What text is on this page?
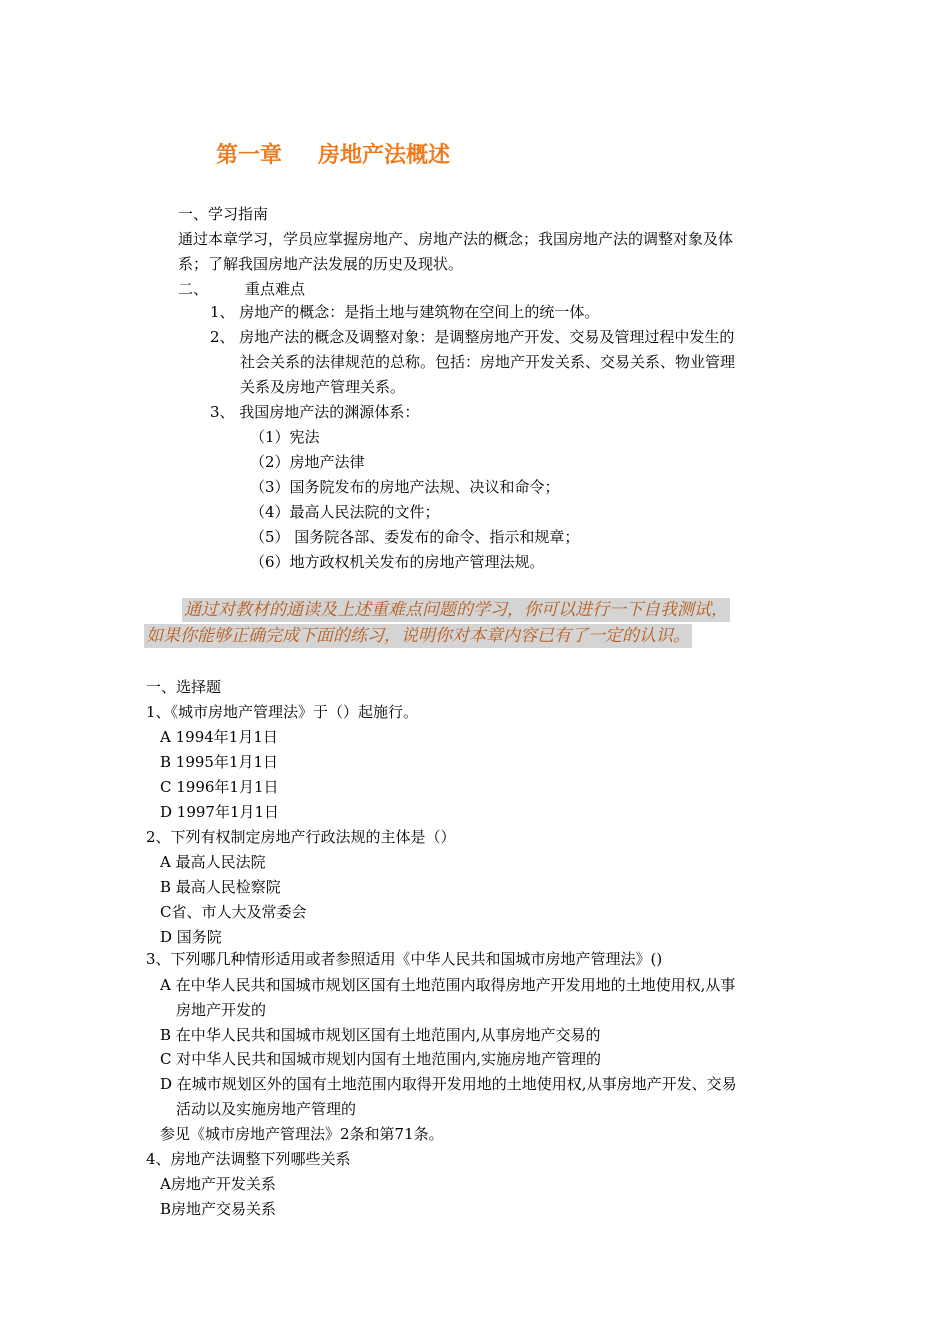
第一章 房地产法概述
一、学习指南
通过本章学习，学员应掌握房地产、房地产法的概念；我国房地产法的调整对象及体
系；了解我国房地产法发展的历史及现状。
二、 重点难点
1、 房地产的概念：是指土地与建筑物在空间上的统一体。
2、 房地产法的概念及调整对象：是调整房地产开发、交易及管理过程中发生的
社会关系的法律规范的总称。包括：房地产开发关系、交易关系、物业管理
关系及房地产管理关系。
3、 我国房地产法的渊源体系：
（1）宪法
（2）房地产法律
（3）国务院发布的房地产法规、决议和命令；
（4）最高人民法院的文件；
（5） 国务院各部、委发布的命令、指示和规章；
（6）地方政权机关发布的房地产管理法规。
通过对教材的通读及上述重难点问题的学习，你可以进行一下自我测试，
如果你能够正确完成下面的练习，说明你对本章内容已有了一定的认识。
一、选择题
1、《城市房地产管理法》于（）起施行。
A 1994年1月1日
B 1995年1月1日
C 1996年1月1日
D 1997年1月1日
2、下列有权制定房地产行政法规的主体是（）
A 最高人民法院
B 最高人民检察院
C省、市人大及常委会
D 国务院
3、下列哪几种情形适用或者参照适用《中华人民共和国城市房地产管理法》()
A 在中华人民共和国城市规划区国有土地范围内取得房地产开发用地的土地使用权,从事
房地产开发的
B 在中华人民共和国城市规划区国有土地范围内,从事房地产交易的
C 对中华人民共和国城市规划内国有土地范围内,实施房地产管理的
D 在城市规划区外的国有土地范围内取得开发用地的土地使用权,从事房地产开发、交易
活动以及实施房地产管理的
参见《城市房地产管理法》2条和第71条。
4、房地产法调整下列哪些关系
A房地产开发关系
B房地产交易关系
